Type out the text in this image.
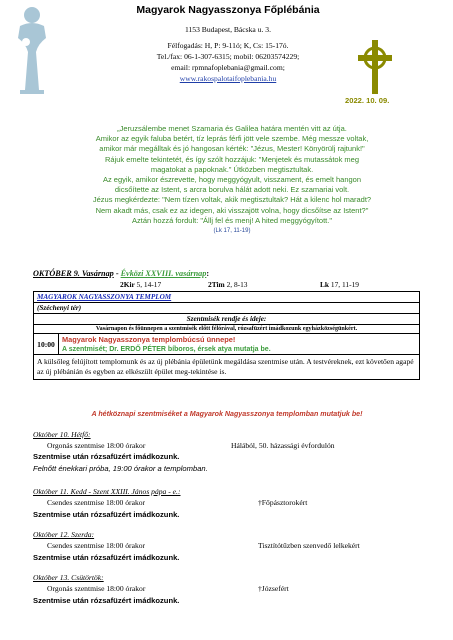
Magyarok Nagyasszonya Főplébánia
1153 Budapest, Bácska u. 3.
Félfogadás: H, P: 9-11ó; K, Cs: 15-17ó.
Tel./fax: 06-1-307-6315; mobil: 06203574229;
email: rpmnafoplebania@gmail.com;
www.rakospalotaifoplebania.hu
2022. 10. 09.
„Jeruzsálembe menet Szamaria és Galilea határa mentén vitt az útja.
Amikor az egyik faluba betért, tíz leprás férfi jött vele szembe. Még messze voltak,
amikor már megálltak és jó hangosan kérték: "Jézus, Mester! Könyörülj rajtunk!"
Rájuk emelte tekintetét, és így szólt hozzájuk: "Menjetek és mutassátok meg
magatokat a papoknak." Útközben megtisztultak.
Az egyik, amikor észrevette, hogy meggyógyult, visszament, és emelt hangon
dicsőítette az Istent, s arcra borulva hálát adott neki. Ez szamariai volt.
Jézus megkérdezte: "Nem tízen voltak, akik megtisztultak? Hát a kilenc hol maradt?
Nem akadt más, csak ez az idegen, aki visszajött volna, hogy dicsőítse az Istent?"
Aztán hozzá fordult: "Állj fel és menj! A hited meggyógyított."
(Lk 17, 11-19)
OKTÓBER 9. Vasárnap - Évközi XXVIII. vasárnap:
2Kir 5, 14-17	2Tim 2, 8-13	Lk 17, 11-19
MAGYAROK NAGYASSZONYA TEMPLOM
(Széchenyi tér)
Szentmisék rendje és ideje:
Vasárnapon és főünnepen a szentmisék előtt félórával, rózsafüzért imádkozunk egyházközségünkért.
10:00 Magyarok Nagyasszonya templombúcsú ünnepe!
A szentmisét; Dr. ERDŐ PÉTER bíboros, érsek atya mutatja be.
A külsőleg felújított templomunk és az új plébánia épületünk megáldása szentmise után. A testvéreknek, ezt követően agapé az új plébánián és egyben az elkészült épület meg-tekintése is.
A hétköznapi szentmiséket a Magyarok Nagyasszonya templomban mutatjuk be!
Október 10. Hétfő:
Orgonás szentmise 18:00 órakor	Hálából, 50. házassági évfordulón
Szentmise után rózsafüzért imádkozunk.
Felnőtt énekkari próba, 19:00 órakor a templomban.
Október 11. Kedd - Szent XXIII. János pápa - e.:
Csendes szentmise 18:00 órakor	†Főpásztorokért
Szentmise után rózsafüzért imádkozunk.
Október 12. Szerda:
Csendes szentmise 18:00 órakor	Tisztítótűzben szenvedő lelkekért
Szentmise után rózsafüzért imádkozunk.
Október 13. Csütörtök:
Orgonás szentmise 18:00 órakor	†Józsefért
Szentmise után rózsafüzért imádkozunk.
